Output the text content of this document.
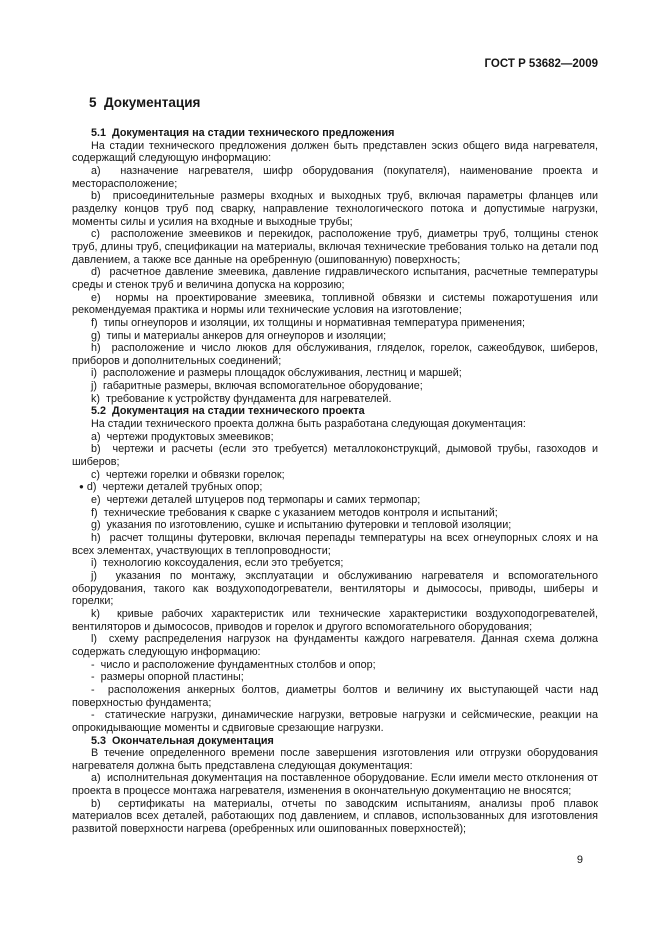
ГОСТ Р 53682—2009
5  Документация

5.1  Документация на стадии технического предложения

На стадии технического предложения должен быть представлен эскиз общего вида нагревателя, содержащий следующую информацию:

a)  назначение нагревателя, шифр оборудования (покупателя), наименование проекта и месторасположение;

b)  присоединительные размеры входных и выходных труб, включая параметры фланцев или разделку концов труб под сварку, направление технологического потока и допустимые нагрузки, моменты силы и усилия на входные и выходные трубы;

c)  расположение змеевиков и перекидок, расположение труб, диаметры труб, толщины стенок труб, длины труб, спецификации на материалы, включая технические требования только на детали под давлением, а также все данные на оребренную (ошипованную) поверхность;

d)  расчетное давление змеевика, давление гидравлического испытания, расчетные температуры среды и стенок труб и величина допуска на коррозию;

e)  нормы на проектирование змеевика, топливной обвязки и системы пожаротушения или рекомендуемая практика и нормы или технические условия на изготовление;

f)  типы огнеупоров и изоляции, их толщины и нормативная температура применения;

g)  типы и материалы анкеров для огнеупоров и изоляции;

h)  расположение и число люков для обслуживания, гляделок, горелок, сажеобдувок, шиберов, приборов и дополнительных соединений;

i)  расположение и размеры площадок обслуживания, лестниц и маршей;

j)  габаритные размеры, включая вспомогательное оборудование;

k)  требование к устройству фундамента для нагревателей.

5.2  Документация на стадии технического проекта

На стадии технического проекта должна быть разработана следующая документация:

a)  чертежи продуктовых змеевиков;

b)  чертежи и расчеты (если это требуется) металлоконструкций, дымовой трубы, газоходов и шиберов;

c)  чертежи горелки и обвязки горелок;

● d)  чертежи деталей трубных опор;

e)  чертежи деталей штуцеров под термопары и самих термопар;

f)  технические требования к сварке с указанием методов контроля и испытаний;

g)  указания по изготовлению, сушке и испытанию футеровки и тепловой изоляции;

h)  расчет толщины футеровки, включая перепады температуры на всех огнеупорных слоях и на всех элементах, участвующих в теплопроводности;

i)  технологию коксоудаления, если это требуется;

j)  указания по монтажу, эксплуатации и обслуживанию нагревателя и вспомогательного оборудования, такого как воздухоподогреватели, вентиляторы и дымососы, приводы, шиберы и горелки;

k)  кривые рабочих характеристик или технические характеристики воздухоподогревателей, вентиляторов и дымососов, приводов и горелок и другого вспомогательного оборудования;

l)  схему распределения нагрузок на фундаменты каждого нагревателя. Данная схема должна содержать следующую информацию:

-  число и расположение фундаментных столбов и опор;

-  размеры опорной пластины;

-  расположения анкерных болтов, диаметры болтов и величину их выступающей части над поверхностью фундамента;

-  статические нагрузки, динамические нагрузки, ветровые нагрузки и сейсмические, реакции на опрокидывающие моменты и сдвиговые срезающие нагрузки.

5.3  Окончательная документация

В течение определенного времени после завершения изготовления или отгрузки оборудования нагревателя должна быть представлена следующая документация:

a)  исполнительная документация на поставленное оборудование. Если имели место отклонения от проекта в процессе монтажа нагревателя, изменения в окончательную документацию не вносятся;

b)  сертификаты на материалы, отчеты по заводским испытаниям, анализы проб плавок материалов всех деталей, работающих под давлением, и сплавов, использованных для изготовления развитой поверхности нагрева (оребренных или ошипованных поверхностей);

9
